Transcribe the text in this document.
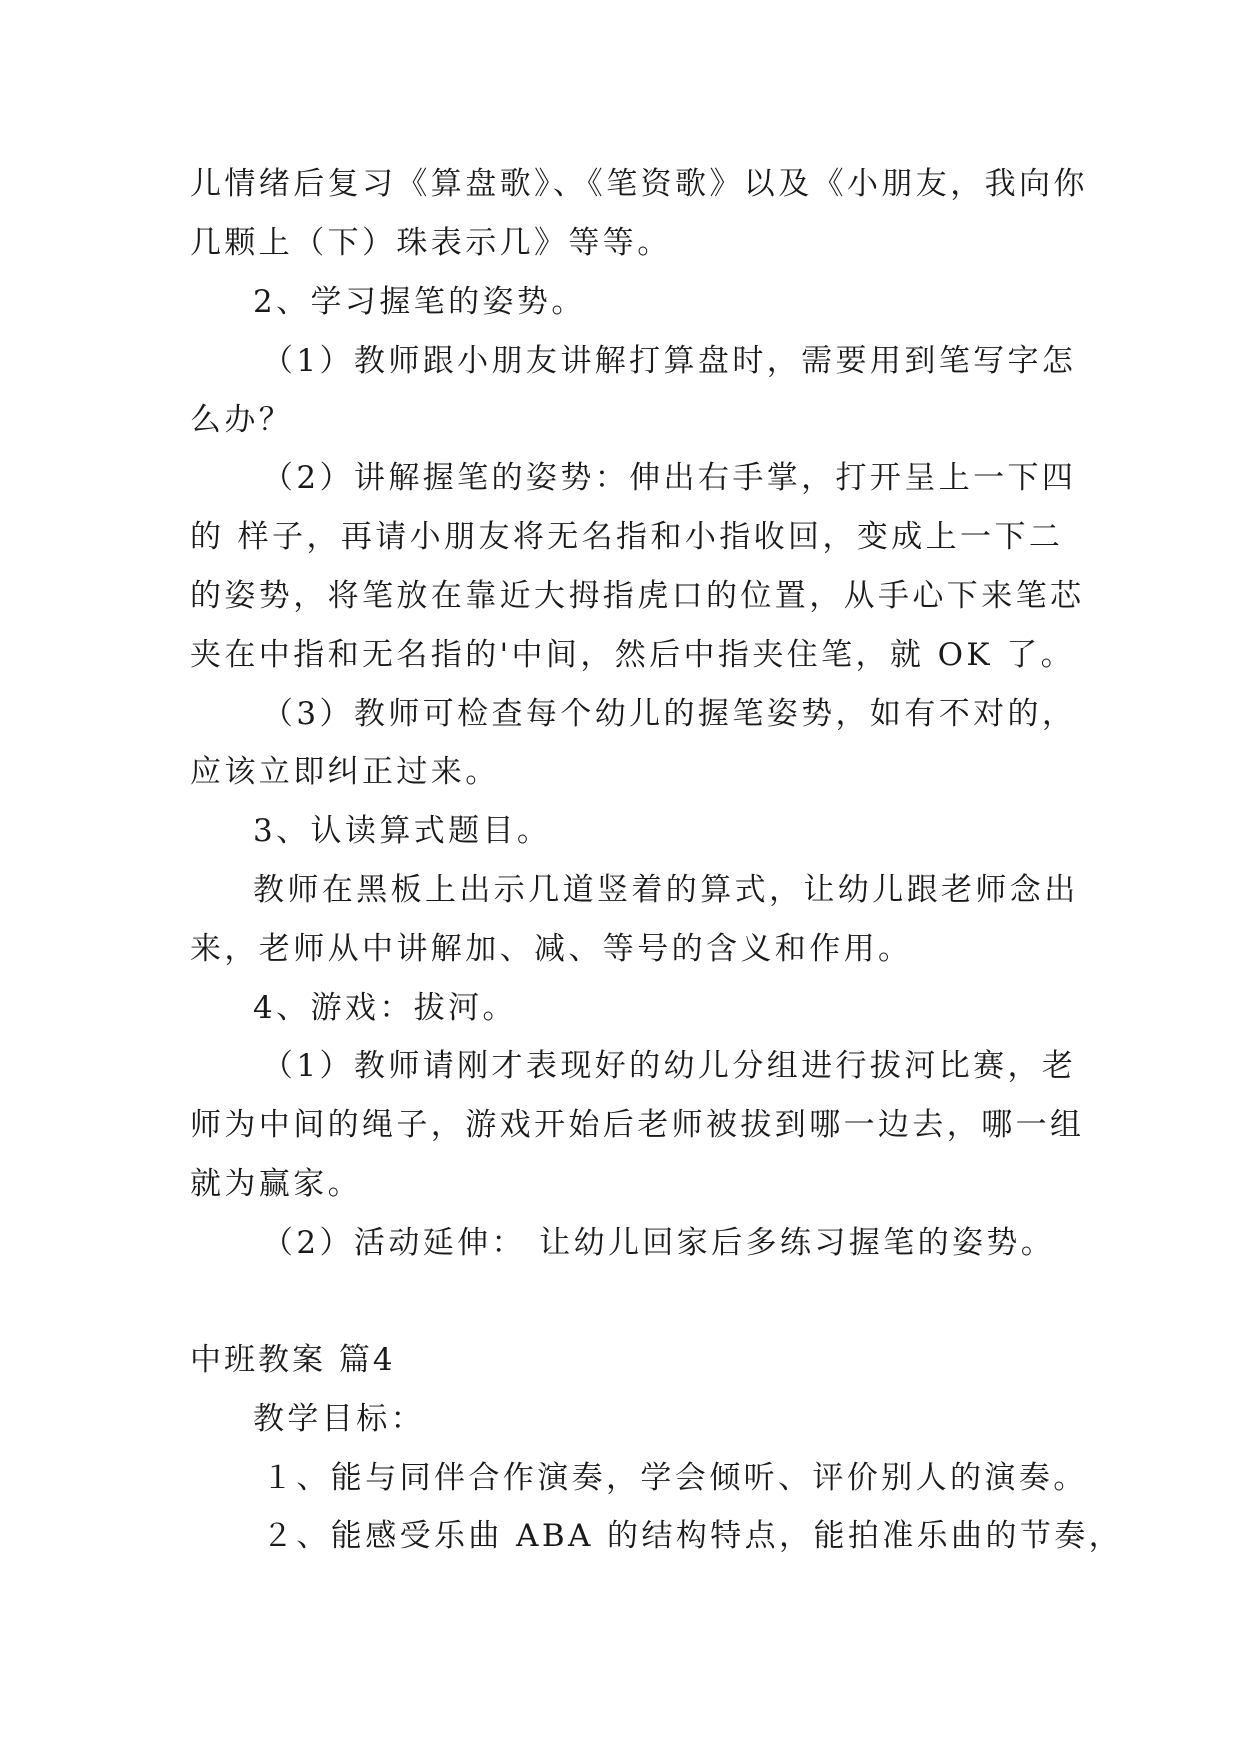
儿情绪后复习《算盘歌》、《笔资歌》以及《小朋友，我向你
几颗上（下）珠表示几》等等。
2、学习握笔的姿势。
（1）教师跟小朋友讲解打算盘时，需要用到笔写字怎
么办？
（2）讲解握笔的姿势：伸出右手掌，打开呈上一下四
的 样子，再请小朋友将无名指和小指收回，变成上一下二
的姿势，将笔放在靠近大拇指虎口的位置，从手心下来笔芯
夹在中指和无名指的'中间，然后中指夹住笔，就 OK 了。
（3）教师可检查每个幼儿的握笔姿势，如有不对的，
应该立即纠正过来。
3、认读算式题目。
教师在黑板上出示几道竖着的算式，让幼儿跟老师念出
来，老师从中讲解加、减、等号的含义和作用。
4、游戏：拔河。
（1）教师请刚才表现好的幼儿分组进行拔河比赛，老
师为中间的绳子，游戏开始后老师被拔到哪一边去，哪一组
就为赢家。
（2）活动延伸： 让幼儿回家后多练习握笔的姿势。
中班教案 篇4
教学目标：
１、能与同伴合作演奏，学会倾听、评价别人的演奏。
２、能感受乐曲 ABA 的结构特点，能拍准乐曲的节奏，
